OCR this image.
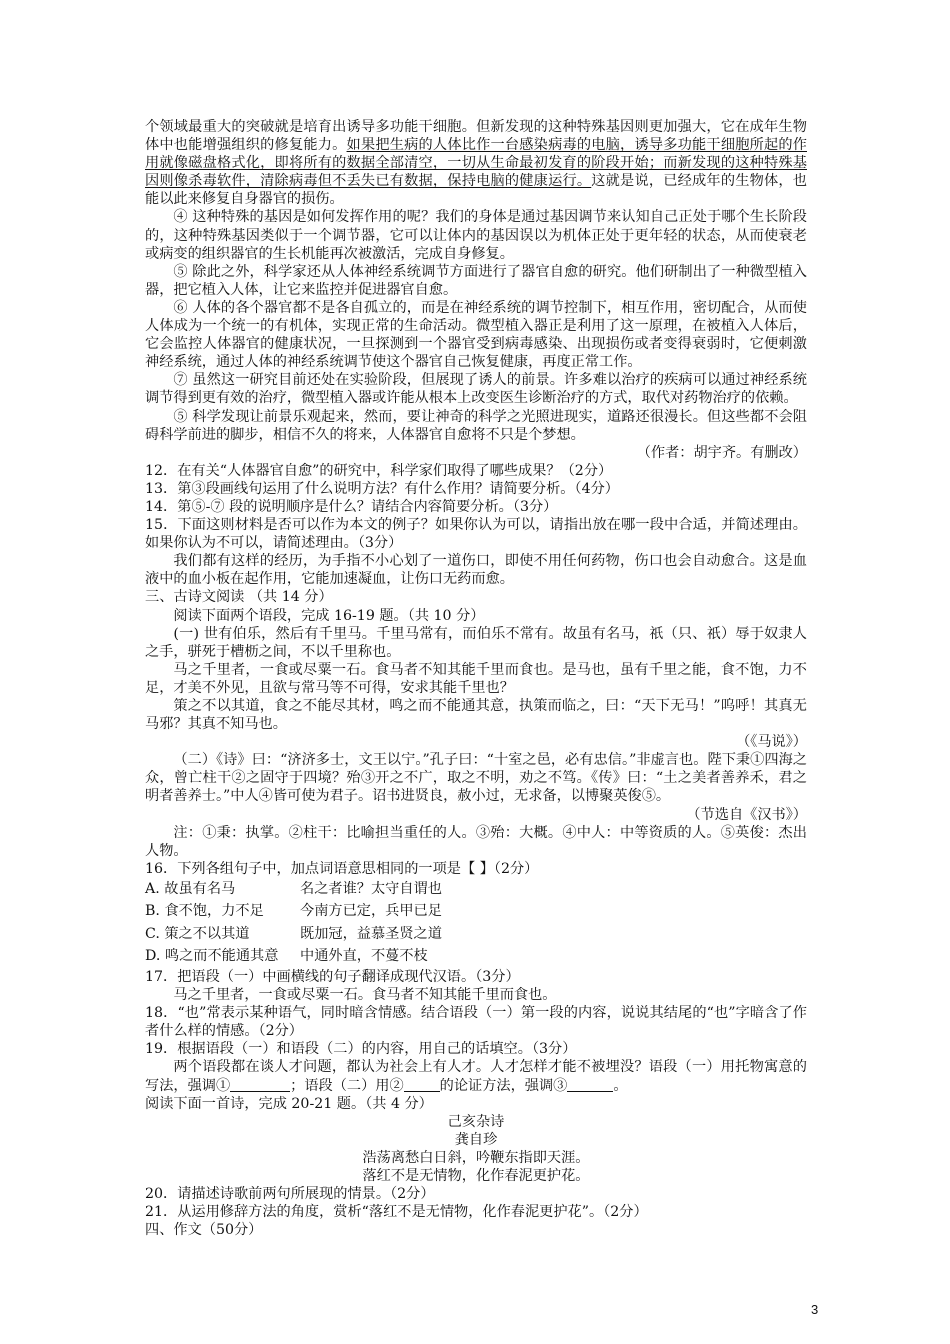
个领域最重大的突破就是培育出诱导多功能干细胞。但新发现的这种特殊基因则更加强大，它在成年生物体中也能增强组织的修复能力。如果把生病的人体比作一台感染病毒的电脑，诱导多功能干细胞所起的作用就像磁盘格式化，即将所有的数据全部清空，一切从生命最初发育的阶段开始；而新发现的这种特殊基因则像杀毒软件，清除病毒但不丢失已有数据，保持电脑的健康运行。这就是说，已经成年的生物体，也能以此来修复自身器官的损伤。

④ 这种特殊的基因是如何发挥作用的呢？我们的身体是通过基因调节来认知自己正处于哪个生长阶段的，这种特殊基因类似于一个调节器，它可以让体内的基因误以为机体正处于更年轻的状态，从而使衰老或病变的组织器官的生长机能再次被激活，完成自身修复。

⑤ 除此之外，科学家还从人体神经系统调节方面进行了器官自愈的研究。他们研制出了一种微型植入器，把它植入人体，让它来监控并促进器官自愈。

⑥ 人体的各个器官都不是各自孤立的，而是在神经系统的调节控制下，相互作用，密切配合，从而使人体成为一个统一的有机体，实现正常的生命活动。微型植入器正是利用了这一原理，在被植入人体后，它会监控人体器官的健康状况，一旦探测到一个器官受到病毒感染、出现损伤或者变得衰弱时，它便刺激神经系统，通过人体的神经系统调节使这个器官自己恢复健康，再度正常工作。

⑦ 虽然这一研究目前还处在实验阶段，但展现了诱人的前景。许多难以治疗的疾病可以通过神经系统调节得到更有效的治疗，微型植入器或许能从根本上改变医生诊断治疗的方式，取代对药物治疗的依赖。

⑤ 科学发现让前景乐观起来，然而，要让神奇的科学之光照进现实，道路还很漫长。但这些都不会阻碍科学前进的脚步，相信不久的将来，人体器官自愈将不只是个梦想。

（作者：胡宇齐。有删改）

12．在有关“人体器官自愈”的研究中，科学家们取得了哪些成果？（2分）

13．第③段画线句运用了什么说明方法？有什么作用？请简要分析。（4分）

14．第⑤-⑦ 段的说明顺序是什么？请结合内容简要分析。（3分）

15．下面这则材料是否可以作为本文的例子？如果你认为可以，请指出放在哪一段中合适，并简述理由。如果你认为不可以，请简述理由。（3分）

我们都有这样的经历，为手指不小心划了一道伤口，即使不用任何药物，伤口也会自动愈合。这是血液中的血小板在起作用，它能加速凝血，让伤口无药而愈。

三、古诗文阅读 （共 14 分）

阅读下面两个语段，完成 16-19 题。（共 10 分）

(一) 世有伯乐，然后有千里马。千里马常有，而伯乐不常有。故虽有名马，祇（只、祇）辱于奴隶人之手，骈死于槽枥之间，不以千里称也。

马之千里者，一食或尽粟一石。食马者不知其能千里而食也。是马也，虽有千里之能，食不饱，力不足，才美不外见，且欲与常马等不可得，安求其能千里也？

策之不以其道，食之不能尽其材，鸣之而不能通其意，执策而临之，曰：“天下无马！”呜呼！其真无马邪？其真不知马也。

（《马说》）

（二）《诗》曰：“济济多士，文王以宁。”孔子曰：“十室之邑，必有忠信。”非虚言也。陛下秉①四海之众，曾亡柱干②之固守于四境？殆③开之不广，取之不明，劝之不笃。《传》曰：“土之美者善养禾，君之明者善养士。”中人④皆可使为君子。诏书进贤良，赦小过，无求备，以博聚英俊⑤。

（节选自《汉书》）

注：①秉：执掌。②柱干：比喻担当重任的人。③殆：大概。④中人：中等资质的人。⑤英俊：杰出人物。

16．下列各组句子中，加点词语意思相同的一项是【 】（2分）

A. 故虽有名马	名之者谁？太守自谓也
B. 食不饱，力不足	今南方已定，兵甲已足
C. 策之不以其道	既加冠，益慕圣贤之道
D. 鸣之而不能通其意	中通外直，不蔓不枝

17．把语段（一）中画横线的句子翻译成现代汉语。（3分）

马之千里者，一食或尽粟一石。食马者不知其能千里而食也。

18．“也”常表示某种语气，同时暗含情感。结合语段（一）第一段的内容，说说其结尾的“也”字暗含了作者什么样的情感。（2分）

19．根据语段（一）和语段（二）的内容，用自己的话填空。（3分）

两个语段都在谈人才问题，都认为社会上有人才。人才怎样才能不被埋没？语段（一）用托物寓意的写法，强调①	；语段（二）用②	的论证方法，强调③	。

阅读下面一首诗，完成 20-21 题。（共 4 分）

己亥杂诗

龚自珍

浩荡离愁白日斜，吟鞭东指即天涯。

落红不是无情物，化作春泥更护花。

20．请描述诗歌前两句所展现的情景。（2分）

21．从运用修辞方法的角度，赏析“落红不是无情物，化作春泥更护花”。（2分）

四、作文（50分）

3
